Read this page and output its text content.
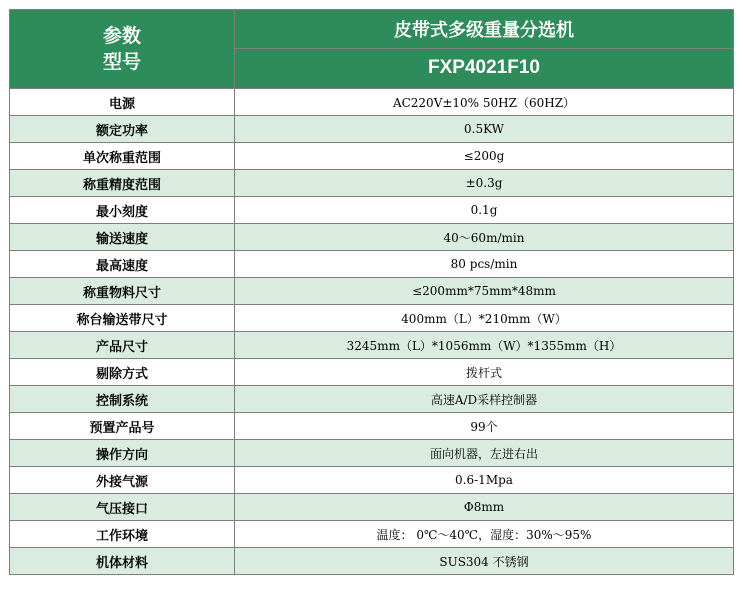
参数
型号	皮带式多级重量分选机
	FXP4021F10
电源	AC220V±10% 50HZ（60HZ）
额定功率	0.5KW
单次称重范围	≤200g
称重精度范围	±0.3g
最小刻度	0.1g
输送速度	40～60m/min
最高速度	80 pcs/min
称重物料尺寸	≤200mm*75mm*48mm
称台输送带尺寸	400mm（L）*210mm（W）
产品尺寸	3245mm（L）*1056mm（W）*1355mm（H）
剔除方式	拨杆式
控制系统	高速A/D采样控制器
预置产品号	99个
操作方向	面向机器，左进右出
外接气源	0.6-1Mpa
气压接口	Φ8mm
工作环境	温度： 0℃～40℃，湿度：30%～95%
机体材料	SUS304 不锈钢
